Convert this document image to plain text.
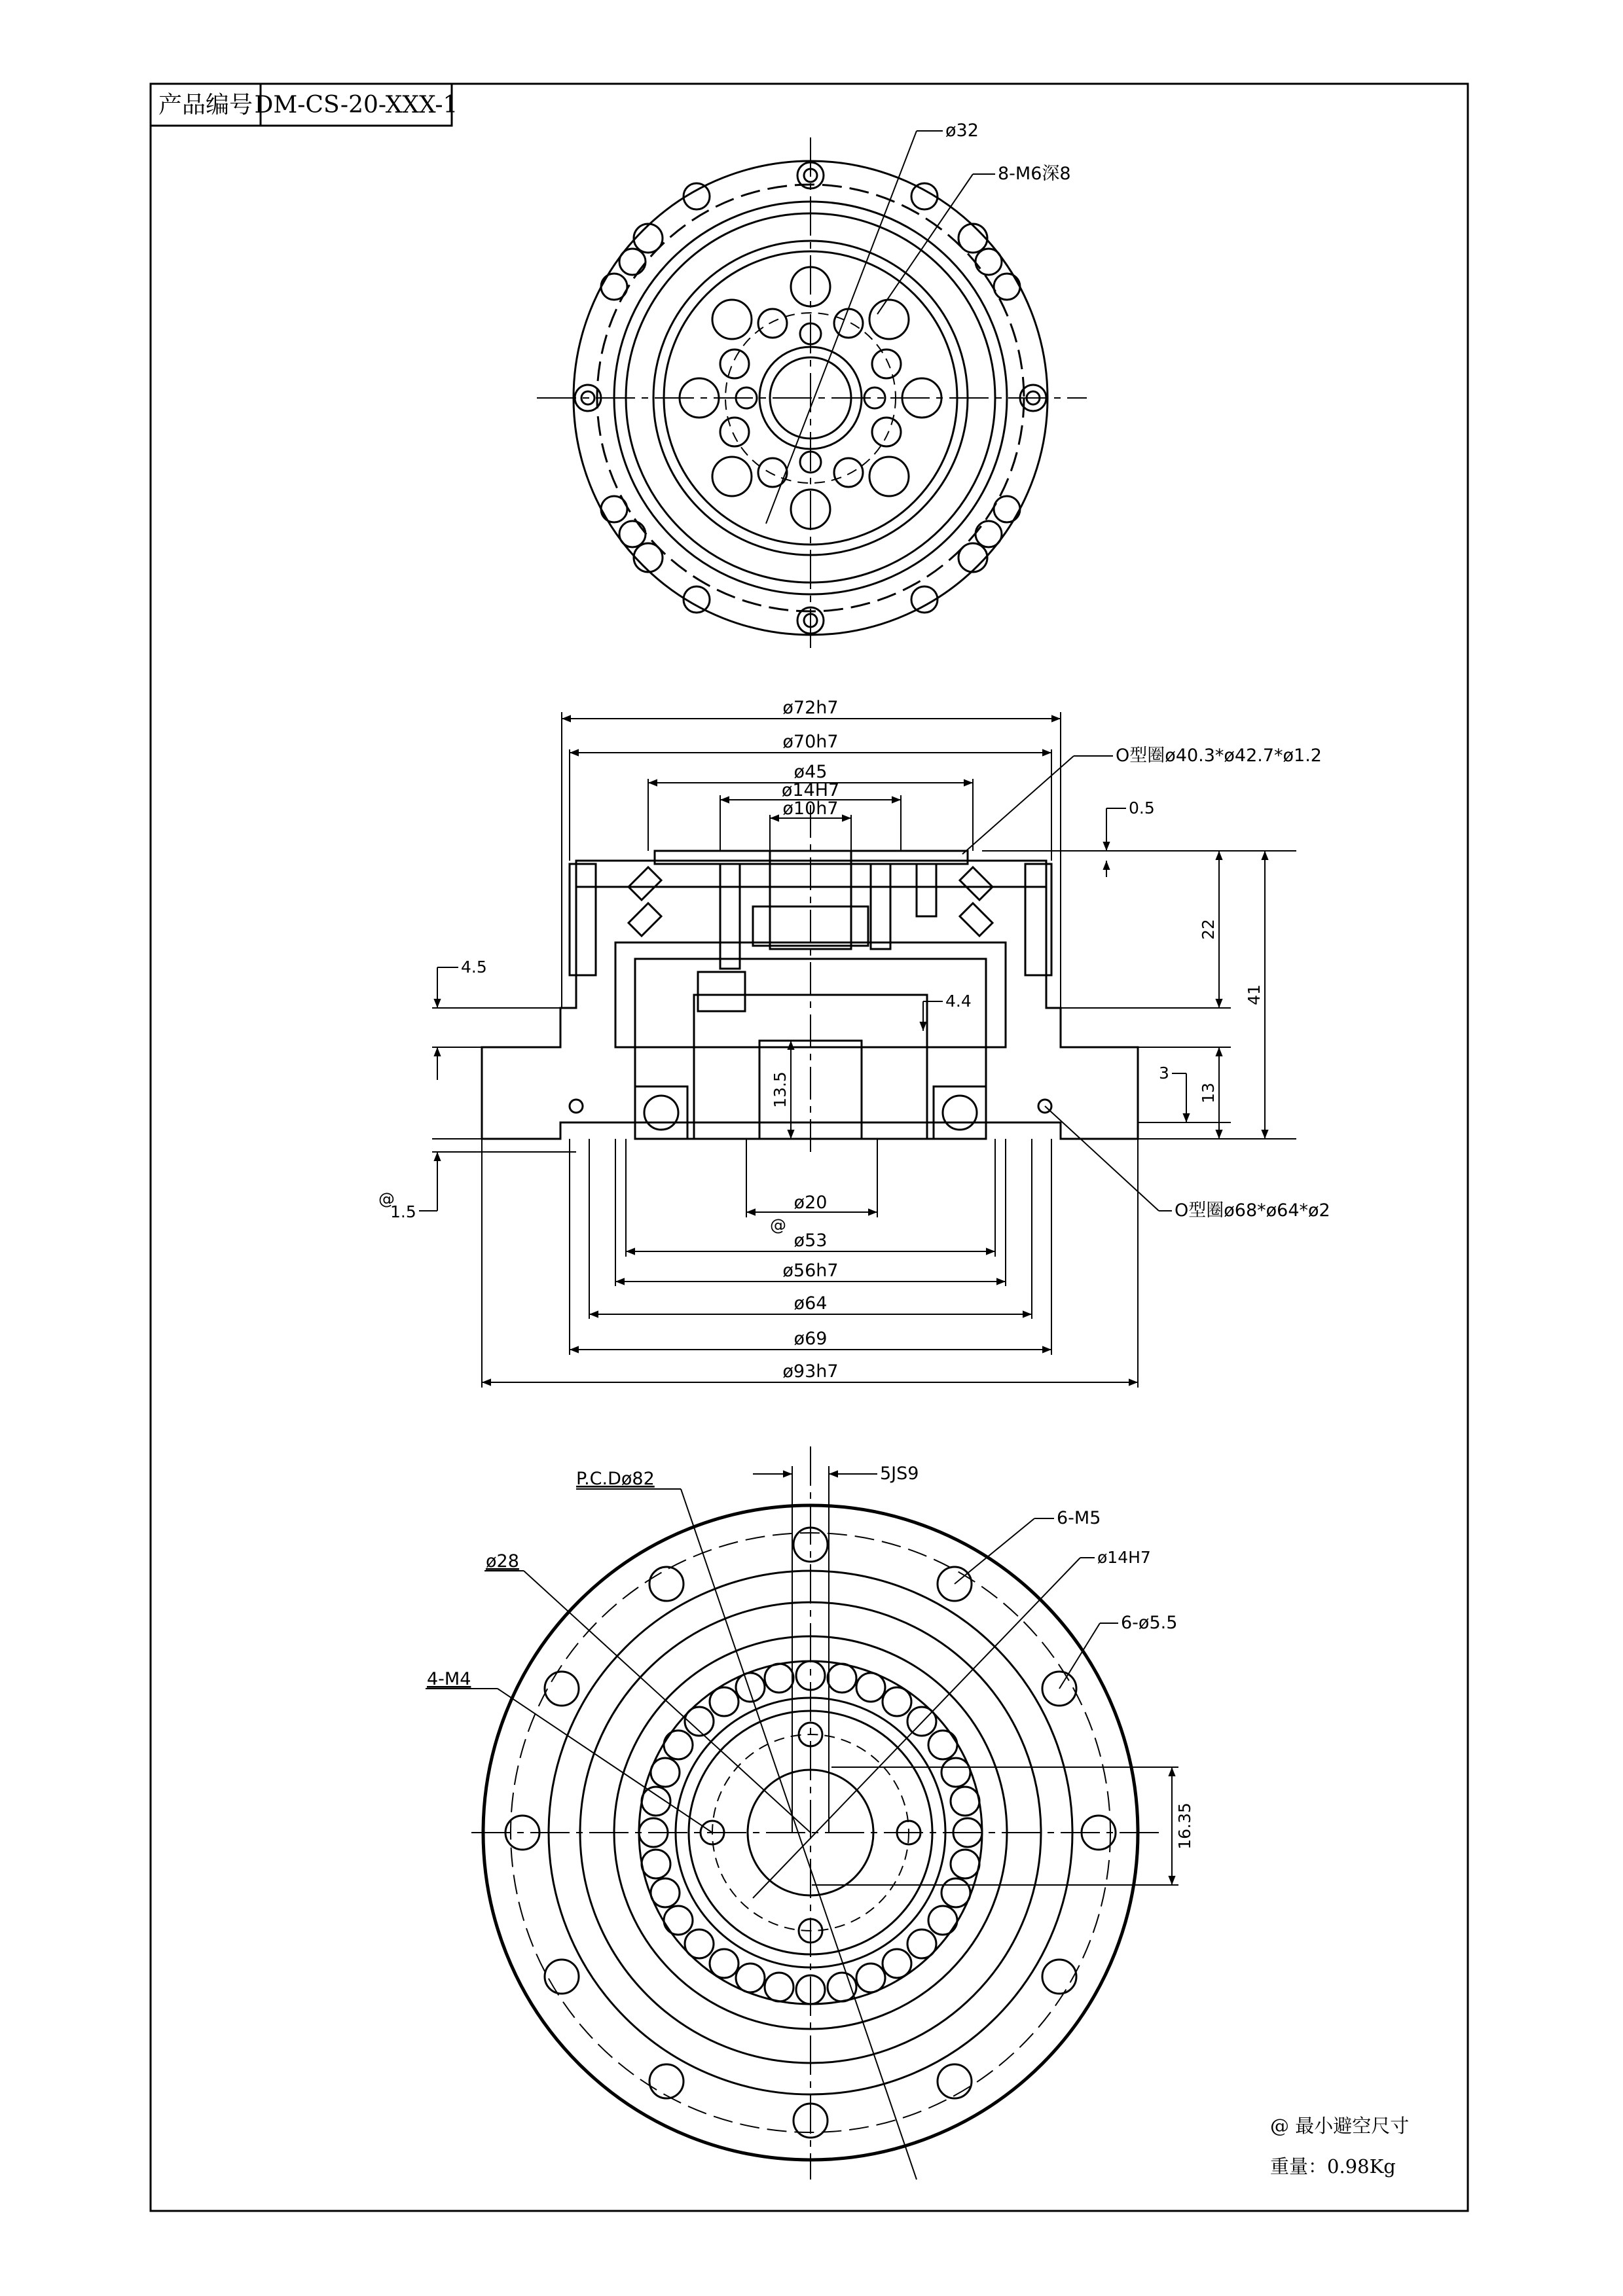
产品编号 DM-CS-20-XXX-1
ø32
8-M6深8
ø72h7
ø70h7
ø45
ø14H7
ø10h7
O型圈ø40.3*ø42.7*ø1.2
0.5
4.5
4.4
13.5
22
41
3
13
@
1.5	O型圈ø68*ø64*ø2
ø20
@
ø53
ø56h7
ø64
ø69
ø93h7
P.C.Dø82
ø28
4-M4
5JS9
6-M5
ø14H7
6-ø5.5
16.35
@ 最小避空尺寸
重量：0.98Kg
